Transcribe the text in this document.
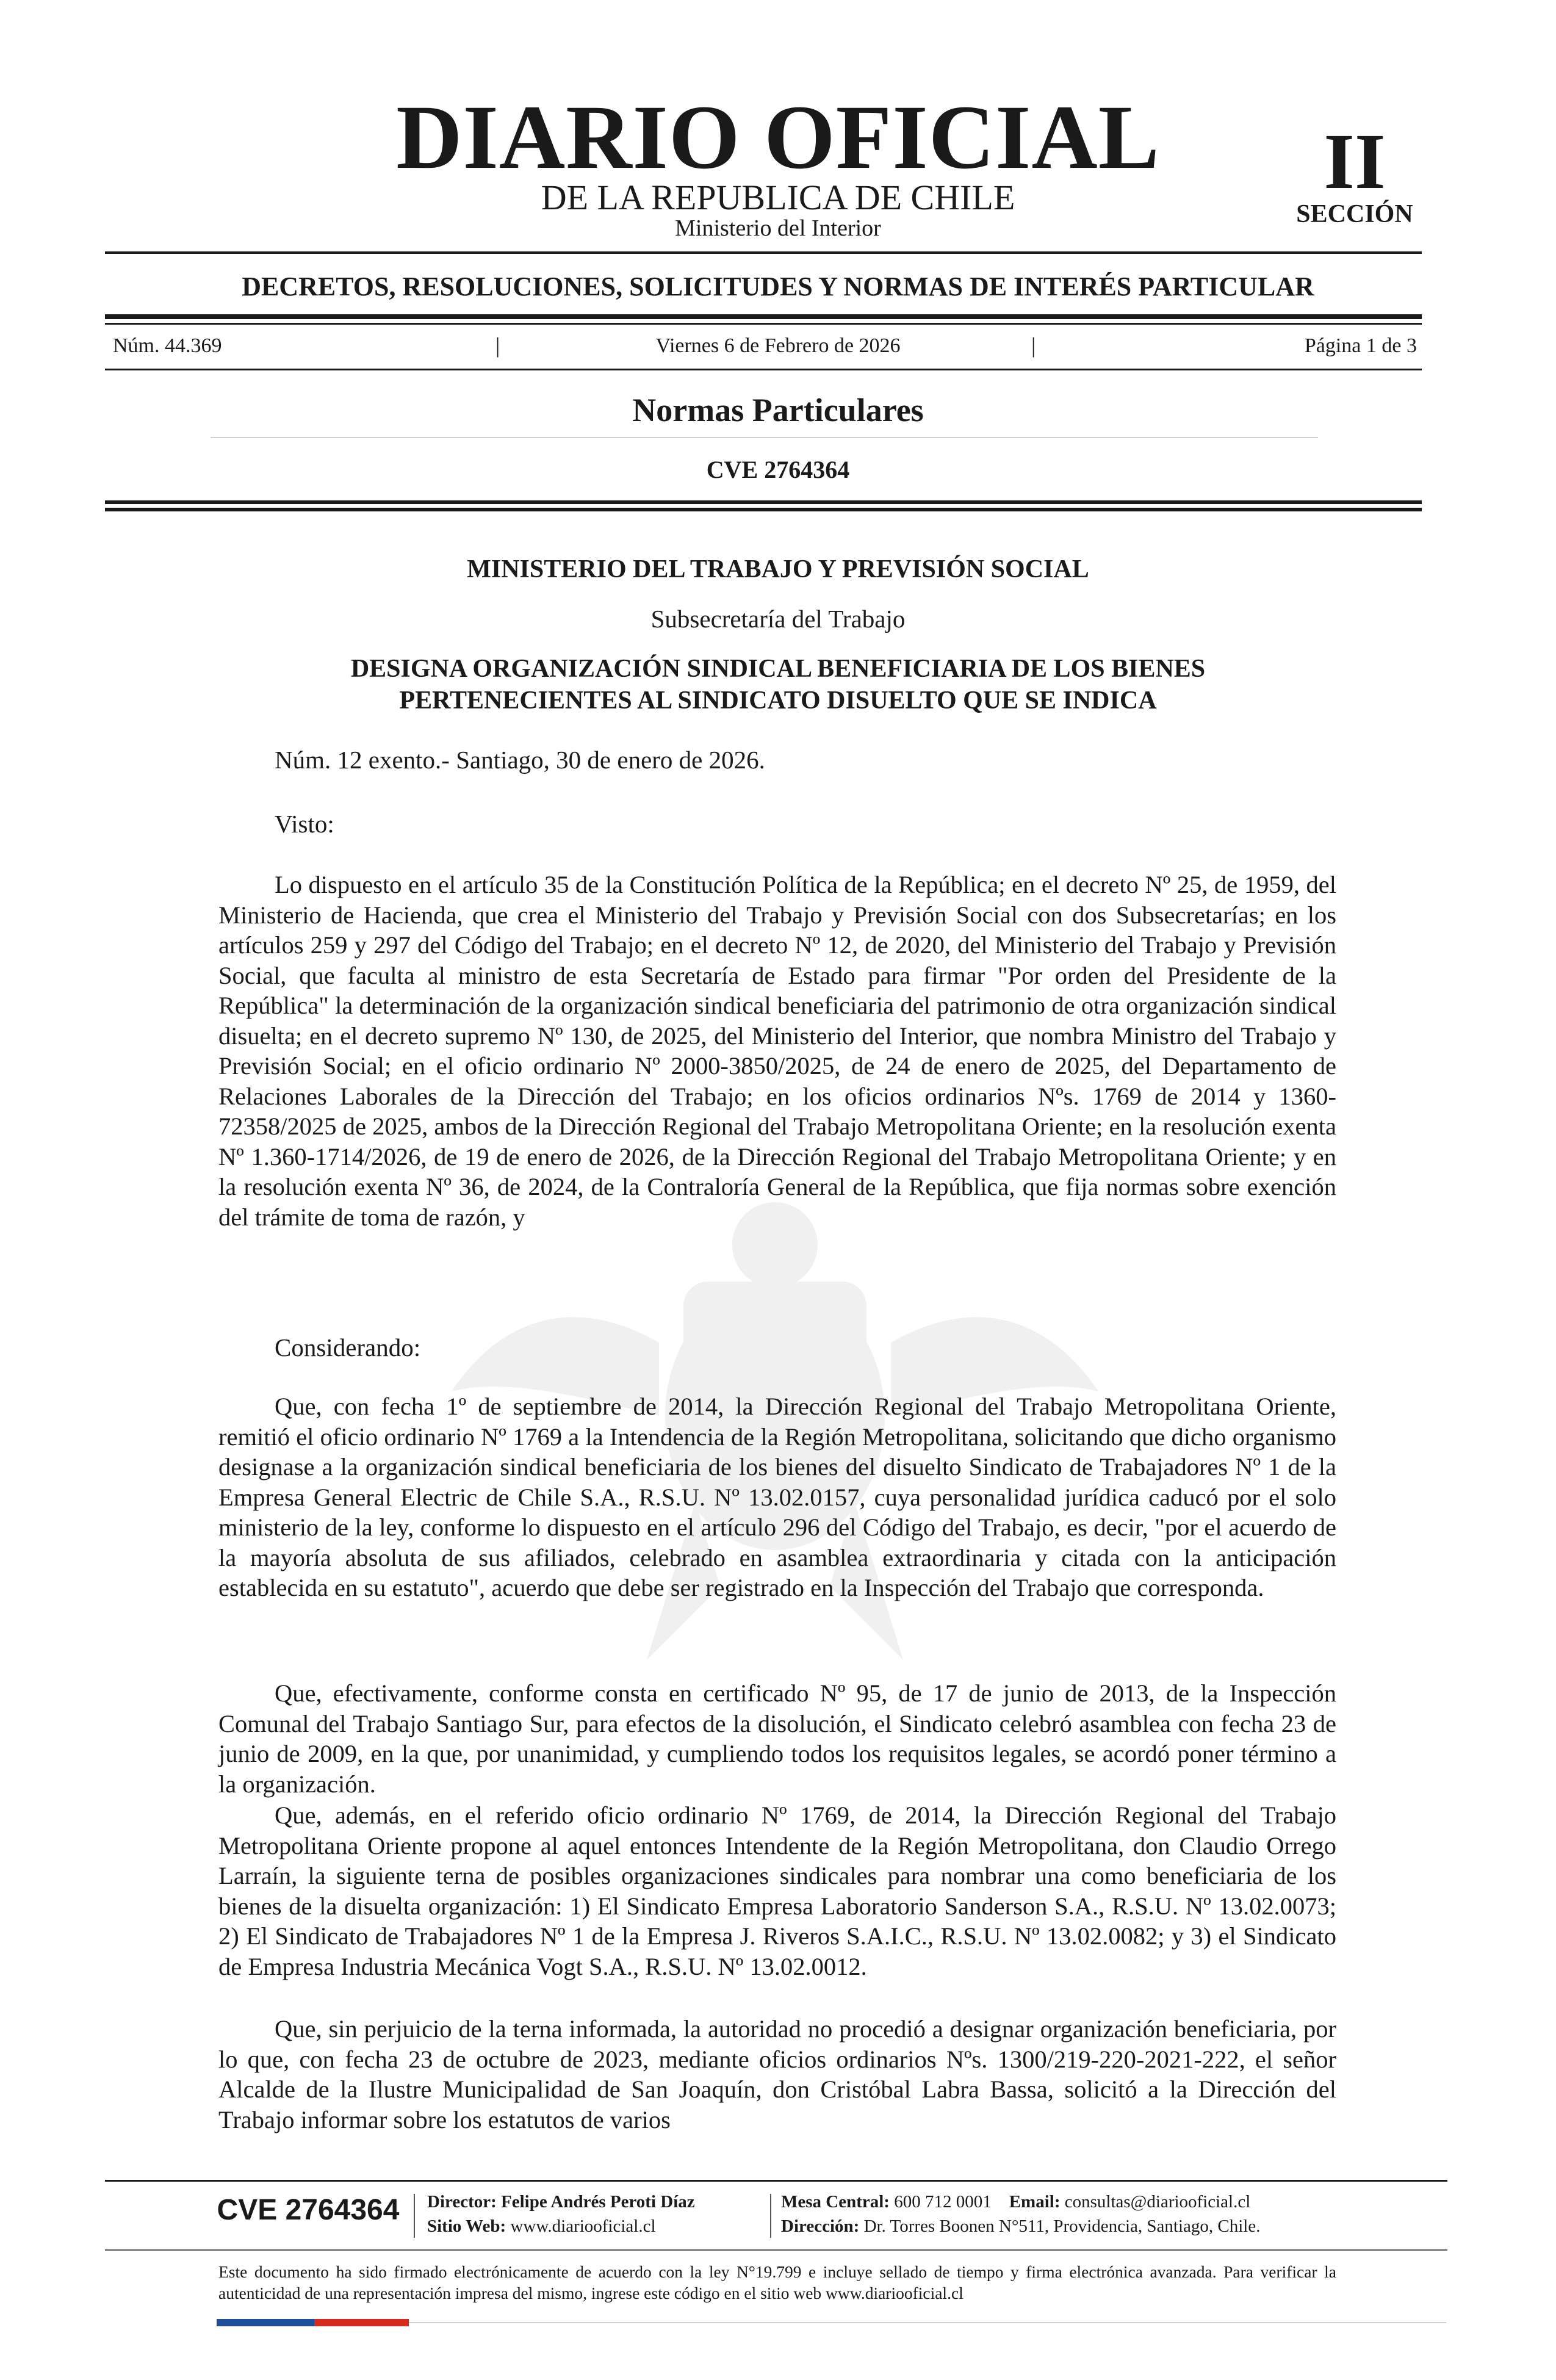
DIARIO OFICIAL
DE LA REPUBLICA DE CHILE
Ministerio del Interior
II
SECCIÓN
DECRETOS, RESOLUCIONES, SOLICITUDES Y NORMAS DE INTERÉS PARTICULAR
Núm. 44.369	|	Viernes 6 de Febrero de 2026	|	Página 1 de 3
Normas Particulares
CVE 2764364
MINISTERIO DEL TRABAJO Y PREVISIÓN SOCIAL
Subsecretaría del Trabajo
DESIGNA ORGANIZACIÓN SINDICAL BENEFICIARIA DE LOS BIENES PERTENECIENTES AL SINDICATO DISUELTO QUE SE INDICA
Núm. 12 exento.- Santiago, 30 de enero de 2026.
Visto:

Lo dispuesto en el artículo 35 de la Constitución Política de la República; en el decreto Nº 25, de 1959, del Ministerio de Hacienda, que crea el Ministerio del Trabajo y Previsión Social con dos Subsecretarías; en los artículos 259 y 297 del Código del Trabajo; en el decreto Nº 12, de 2020, del Ministerio del Trabajo y Previsión Social, que faculta al ministro de esta Secretaría de Estado para firmar "Por orden del Presidente de la República" la determinación de la organización sindical beneficiaria del patrimonio de otra organización sindical disuelta; en el decreto supremo Nº 130, de 2025, del Ministerio del Interior, que nombra Ministro del Trabajo y Previsión Social; en el oficio ordinario Nº 2000-3850/2025, de 24 de enero de 2025, del Departamento de Relaciones Laborales de la Dirección del Trabajo; en los oficios ordinarios Nºs. 1769 de 2014 y 1360-72358/2025 de 2025, ambos de la Dirección Regional del Trabajo Metropolitana Oriente; en la resolución exenta Nº 1.360-1714/2026, de 19 de enero de 2026, de la Dirección Regional del Trabajo Metropolitana Oriente; y en la resolución exenta Nº 36, de 2024, de la Contraloría General de la República, que fija normas sobre exención del trámite de toma de razón, y

Considerando:

Que, con fecha 1º de septiembre de 2014, la Dirección Regional del Trabajo Metropolitana Oriente, remitió el oficio ordinario Nº 1769 a la Intendencia de la Región Metropolitana, solicitando que dicho organismo designase a la organización sindical beneficiaria de los bienes del disuelto Sindicato de Trabajadores Nº 1 de la Empresa General Electric de Chile S.A., R.S.U. Nº 13.02.0157, cuya personalidad jurídica caducó por el solo ministerio de la ley, conforme lo dispuesto en el artículo 296 del Código del Trabajo, es decir, "por el acuerdo de la mayoría absoluta de sus afiliados, celebrado en asamblea extraordinaria y citada con la anticipación establecida en su estatuto", acuerdo que debe ser registrado en la Inspección del Trabajo que corresponda.

Que, efectivamente, conforme consta en certificado Nº 95, de 17 de junio de 2013, de la Inspección Comunal del Trabajo Santiago Sur, para efectos de la disolución, el Sindicato celebró asamblea con fecha 23 de junio de 2009, en la que, por unanimidad, y cumpliendo todos los requisitos legales, se acordó poner término a la organización.

Que, además, en el referido oficio ordinario Nº 1769, de 2014, la Dirección Regional del Trabajo Metropolitana Oriente propone al aquel entonces Intendente de la Región Metropolitana, don Claudio Orrego Larraín, la siguiente terna de posibles organizaciones sindicales para nombrar una como beneficiaria de los bienes de la disuelta organización: 1) El Sindicato Empresa Laboratorio Sanderson S.A., R.S.U. Nº 13.02.0073; 2) El Sindicato de Trabajadores Nº 1 de la Empresa J. Riveros S.A.I.C., R.S.U. Nº 13.02.0082; y 3) el Sindicato de Empresa Industria Mecánica Vogt S.A., R.S.U. Nº 13.02.0012.

Que, sin perjuicio de la terna informada, la autoridad no procedió a designar organización beneficiaria, por lo que, con fecha 23 de octubre de 2023, mediante oficios ordinarios Nºs. 1300/219-220-2021-222, el señor Alcalde de la Ilustre Municipalidad de San Joaquín, don Cristóbal Labra Bassa, solicitó a la Dirección del Trabajo informar sobre los estatutos de varios

CVE 2764364 Director: Felipe Andrés Peroti Díaz
Sitio Web: www.diariooficial.cl
Mesa Central: 600 712 0001 Email: consultas@diariooficial.cl
Dirección: Dr. Torres Boonen N°511, Providencia, Santiago, Chile.
Este documento ha sido firmado electrónicamente de acuerdo con la ley N°19.799 e incluye sellado de tiempo y firma electrónica avanzada. Para verificar la autenticidad de una representación impresa del mismo, ingrese este código en el sitio web www.diariooficial.cl
